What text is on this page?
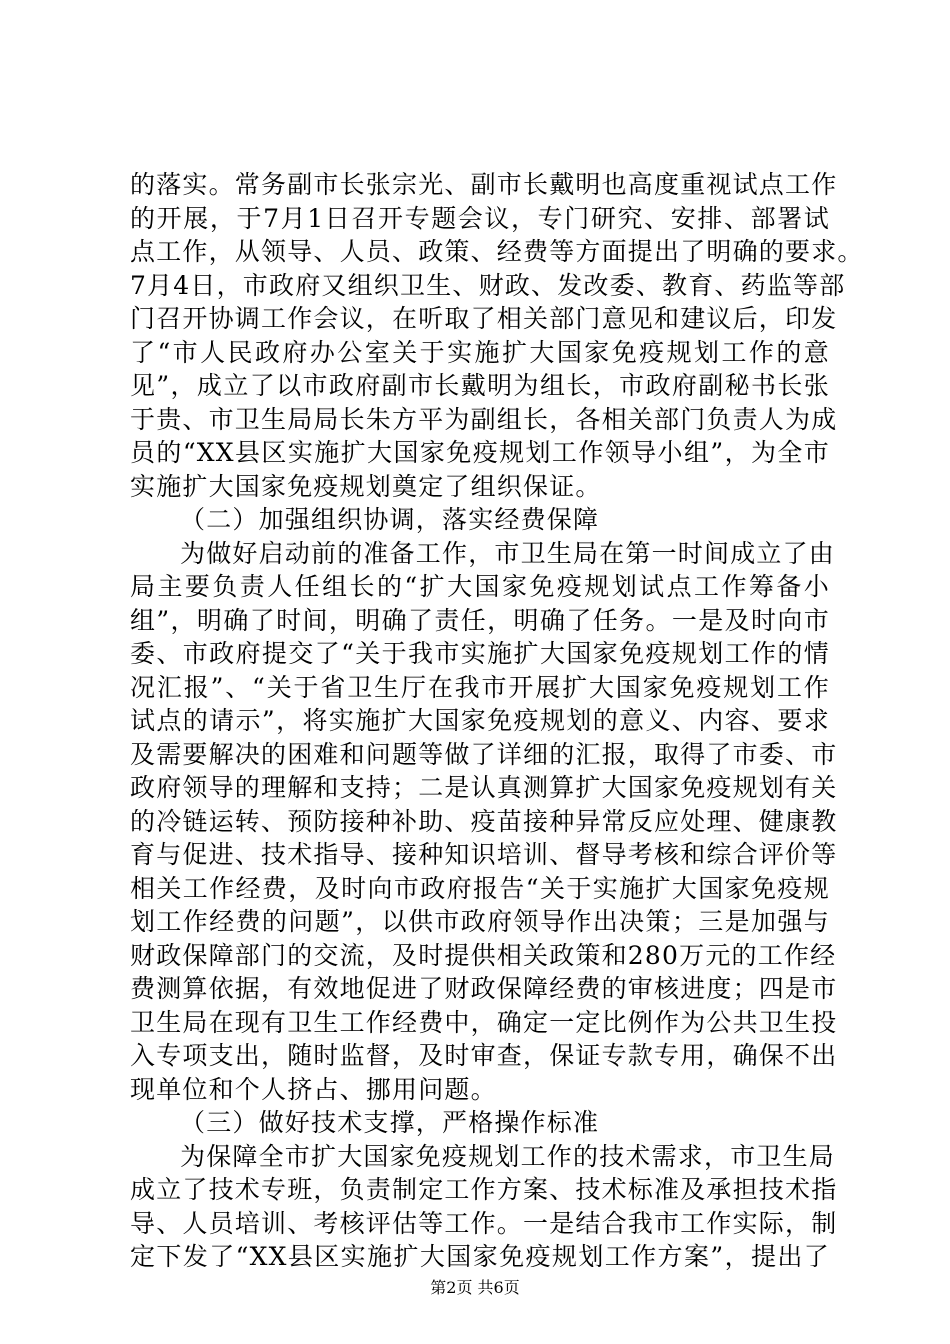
的落实。常务副市长张宗光、副市长戴明也高度重视试点工作
的开展，于7月1日召开专题会议，专门研究、安排、部署试
点工作，从领导、人员、政策、经费等方面提出了明确的要求。
7月4日，市政府又组织卫生、财政、发改委、教育、药监等部
门召开协调工作会议，在听取了相关部门意见和建议后，印发
了“市人民政府办公室关于实施扩大国家免疫规划工作的意
见”，成立了以市政府副市长戴明为组长，市政府副秘书长张
于贵、市卫生局局长朱方平为副组长，各相关部门负责人为成
员的“XX县区实施扩大国家免疫规划工作领导小组”，为全市
实施扩大国家免疫规划奠定了组织保证。
（二）加强组织协调，落实经费保障
为做好启动前的准备工作，市卫生局在第一时间成立了由
局主要负责人任组长的“扩大国家免疫规划试点工作筹备小
组”，明确了时间，明确了责任，明确了任务。一是及时向市
委、市政府提交了“关于我市实施扩大国家免疫规划工作的情
况汇报”、“关于省卫生厅在我市开展扩大国家免疫规划工作
试点的请示”，将实施扩大国家免疫规划的意义、内容、要求
及需要解决的困难和问题等做了详细的汇报，取得了市委、市
政府领导的理解和支持；二是认真测算扩大国家免疫规划有关
的冷链运转、预防接种补助、疫苗接种异常反应处理、健康教
育与促进、技术指导、接种知识培训、督导考核和综合评价等
相关工作经费，及时向市政府报告“关于实施扩大国家免疫规
划工作经费的问题”，以供市政府领导作出决策；三是加强与
财政保障部门的交流，及时提供相关政策和280万元的工作经
费测算依据，有效地促进了财政保障经费的审核进度；四是市
卫生局在现有卫生工作经费中，确定一定比例作为公共卫生投
入专项支出，随时监督，及时审查，保证专款专用，确保不出
现单位和个人挤占、挪用问题。
（三）做好技术支撑，严格操作标准
为保障全市扩大国家免疫规划工作的技术需求，市卫生局
成立了技术专班，负责制定工作方案、技术标准及承担技术指
导、人员培训、考核评估等工作。一是结合我市工作实际，制
定下发了“XX县区实施扩大国家免疫规划工作方案”，提出了
第2页 共6页
